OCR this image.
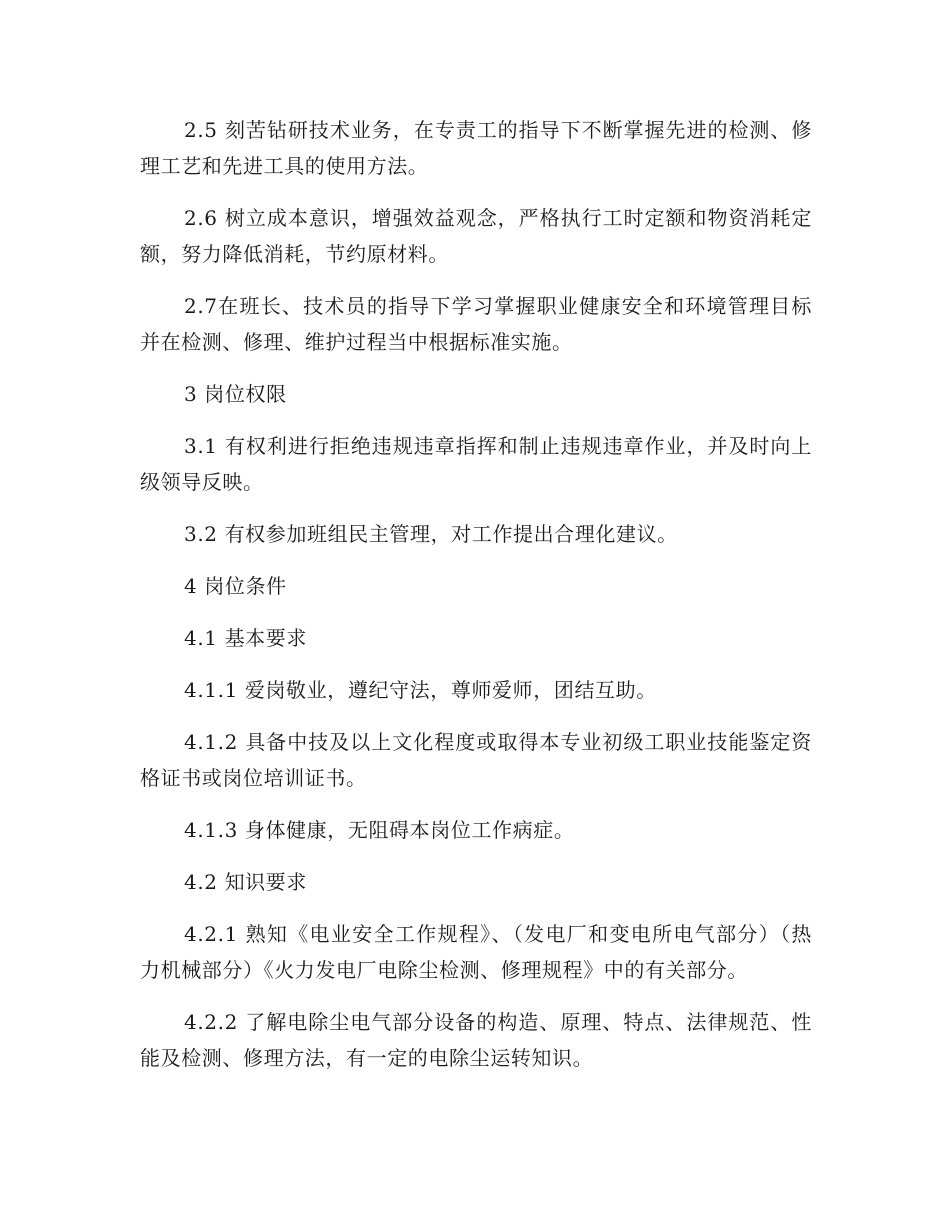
2.5 刻苦钻研技术业务，在专责工的指导下不断掌握先进的检测、修理工艺和先进工具的使用方法。

2.6 树立成本意识，增强效益观念，严格执行工时定额和物资消耗定额，努力降低消耗，节约原材料。

2.7在班长、技术员的指导下学习掌握职业健康安全和环境管理目标并在检测、修理、维护过程当中根据标准实施。

3 岗位权限

3.1 有权利进行拒绝违规违章指挥和制止违规违章作业，并及时向上级领导反映。

3.2 有权参加班组民主管理，对工作提出合理化建议。

4 岗位条件

4.1 基本要求

4.1.1 爱岗敬业，遵纪守法，尊师爱师，团结互助。

4.1.2 具备中技及以上文化程度或取得本专业初级工职业技能鉴定资格证书或岗位培训证书。

4.1.3 身体健康，无阻碍本岗位工作病症。

4.2 知识要求

4.2.1 熟知《电业安全工作规程》、（发电厂和变电所电气部分）（热力机械部分）《火力发电厂电除尘检测、修理规程》中的有关部分。

4.2.2 了解电除尘电气部分设备的构造、原理、特点、法律规范、性能及检测、修理方法，有一定的电除尘运转知识。
